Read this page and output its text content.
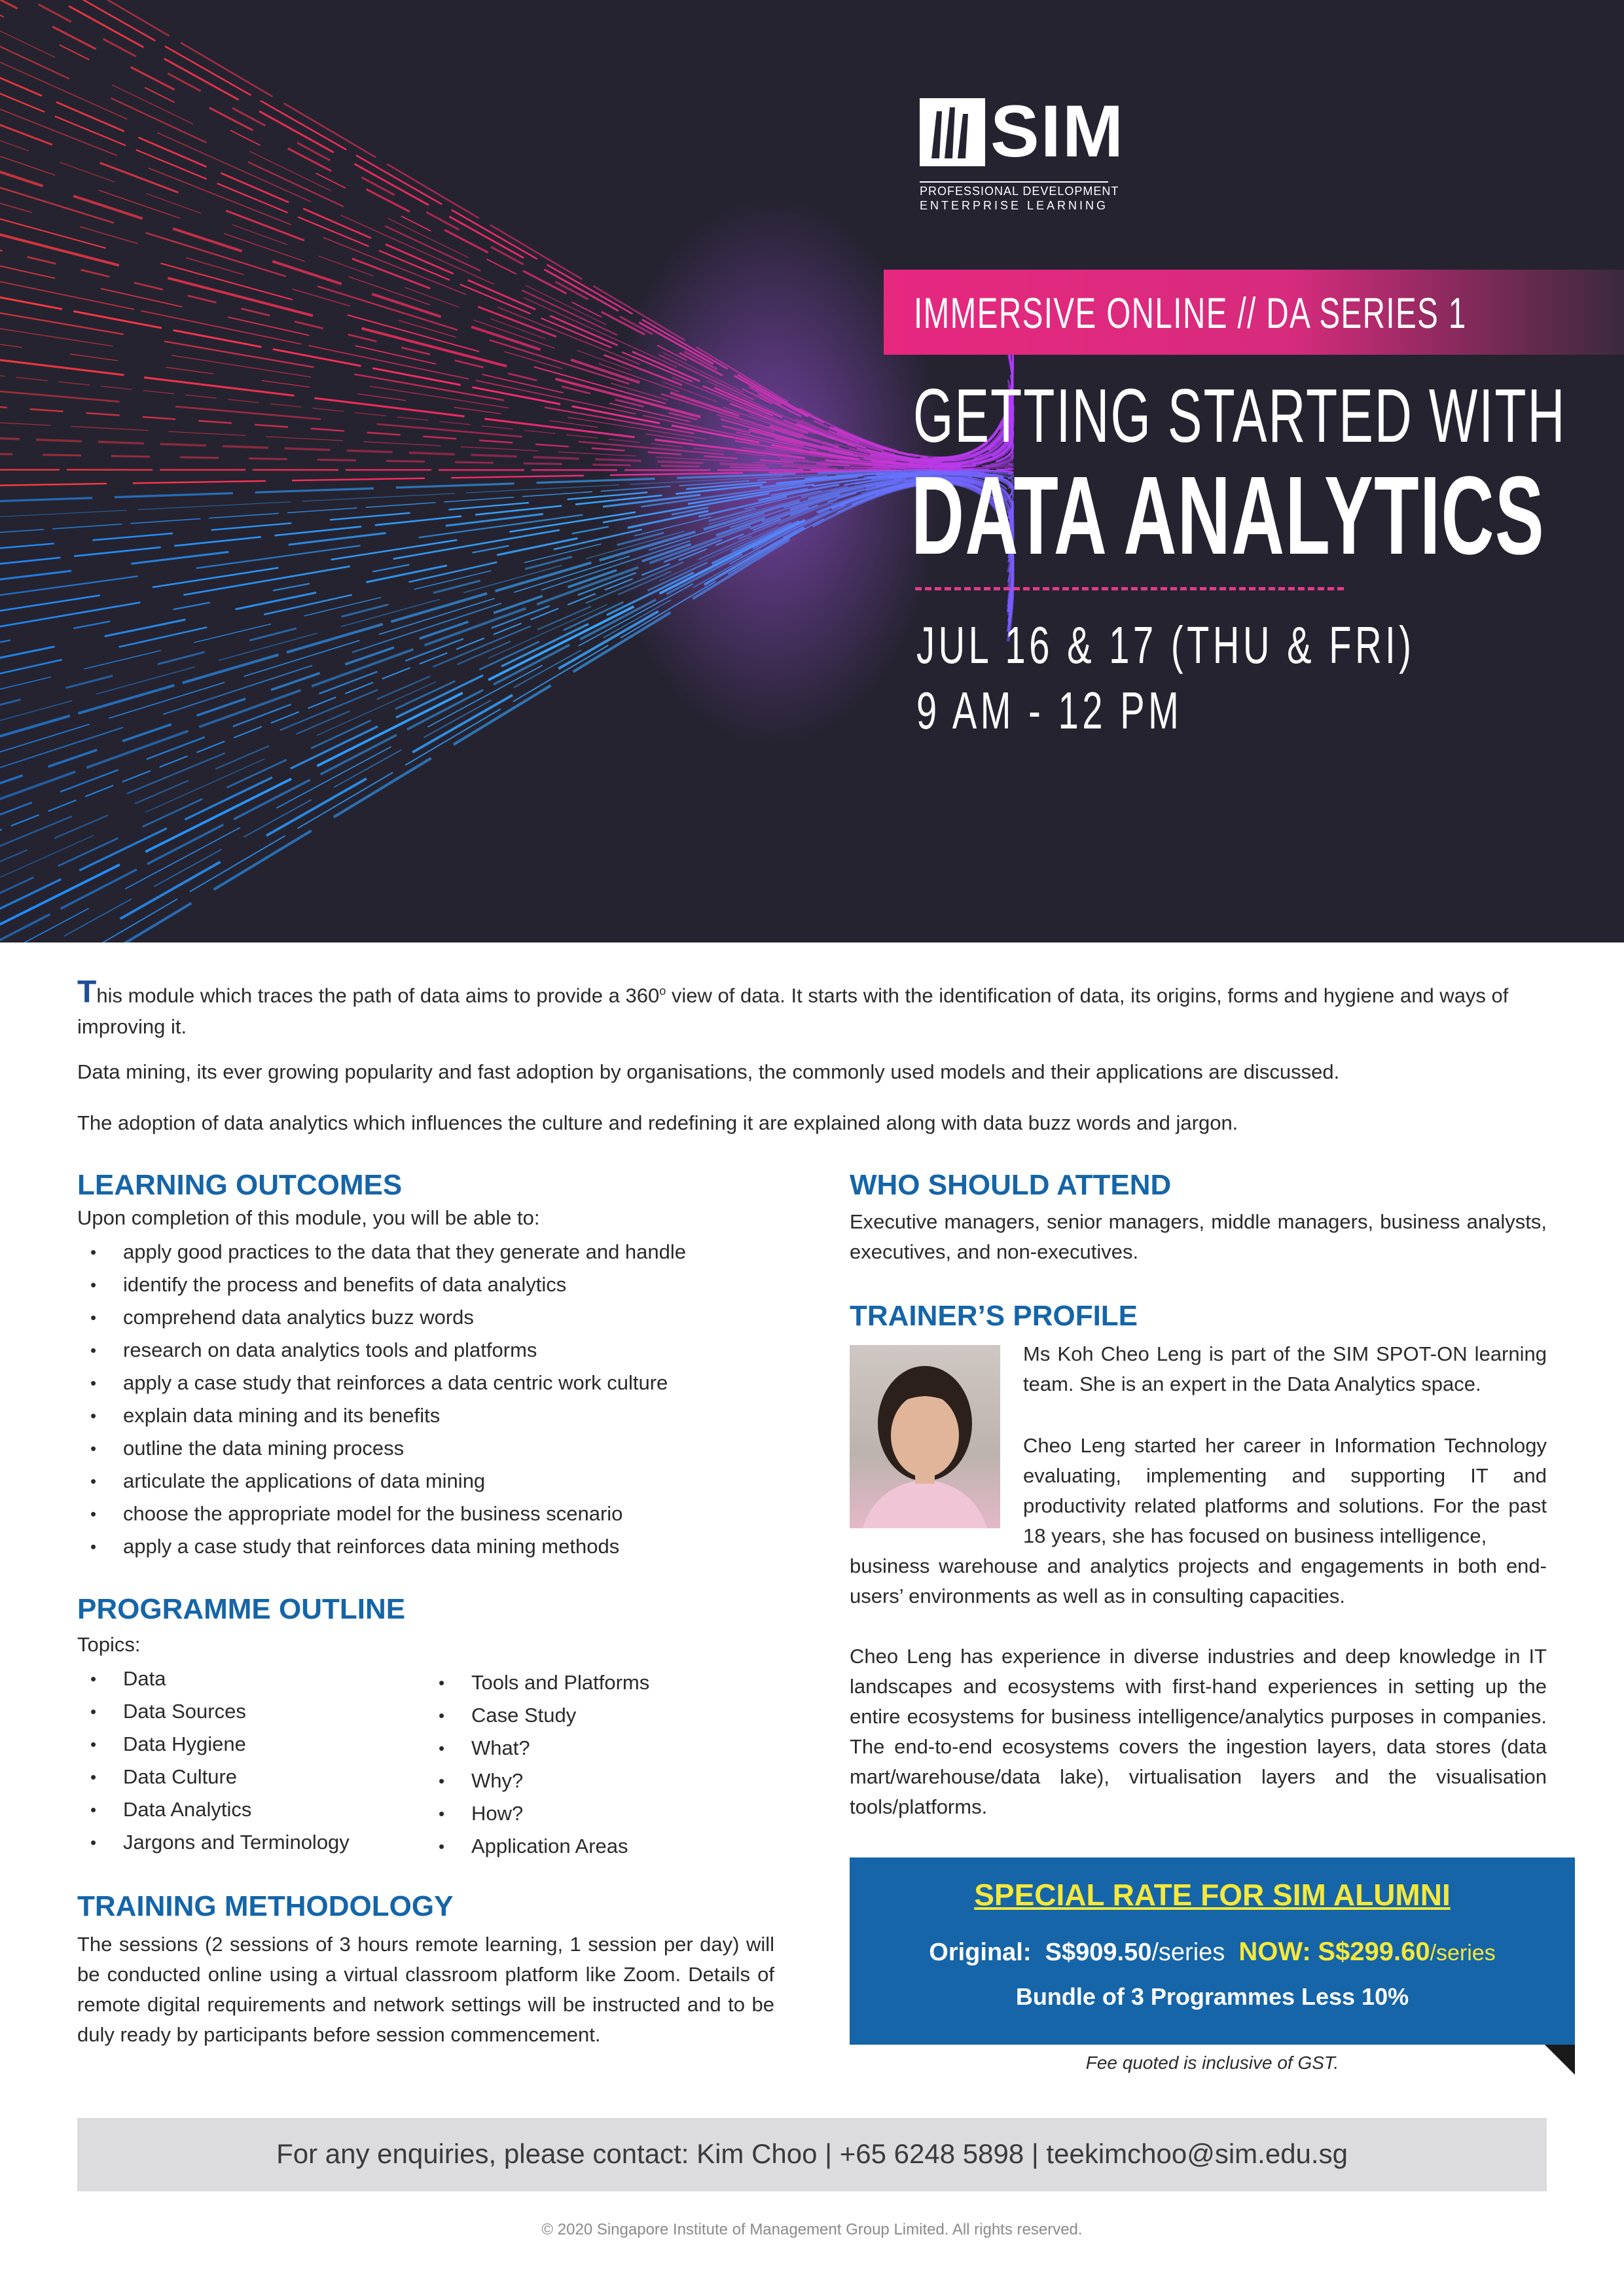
SIM
PROFESSIONAL DEVELOPMENT
ENTERPRISE LEARNING
IMMERSIVE ONLINE // DA SERIES 1
GETTING STARTED WITH
DATA ANALYTICS
JUL 16 & 17 (THU & FRI)
9 AM - 12 PM
This module which traces the path of data aims to provide a 360$^o$ view of data. It starts with the identification of data, its origins, forms and hygiene and ways of improving it.
Data mining, its ever growing popularity and fast adoption by organisations, the commonly used models and their applications are discussed.
The adoption of data analytics which influences the culture and redefining it are explained along with data buzz words and jargon.
LEARNING OUTCOMES
Upon completion of this module, you will be able to:
• apply good practices to the data that they generate and handle
• identify the process and benefits of data analytics
• comprehend data analytics buzz words
• research on data analytics tools and platforms
• apply a case study that reinforces a data centric work culture
• explain data mining and its benefits
• outline the data mining process
• articulate the applications of data mining
• choose the appropriate model for the business scenario
• apply a case study that reinforces data mining methods
PROGRAMME OUTLINE
Topics:
• Data
• Data Sources
• Data Hygiene
• Data Culture
• Data Analytics
• Jargons and Terminology
• Tools and Platforms
• Case Study
• What?
• Why?
• How?
• Application Areas
TRAINING METHODOLOGY
The sessions (2 sessions of 3 hours remote learning, 1 session per day) will be conducted online using a virtual classroom platform like Zoom. Details of remote digital requirements and network settings will be instructed and to be duly ready by participants before session commencement.
WHO SHOULD ATTEND
Executive managers, senior managers, middle managers, business analysts, executives, and non-executives.
TRAINER’S PROFILE
Ms Koh Cheo Leng is part of the SIM SPOT-ON learning team. She is an expert in the Data Analytics space.
Cheo Leng started her career in Information Technology evaluating, implementing and supporting IT and productivity related platforms and solutions. For the past 18 years, she has focused on business intelligence,
business warehouse and analytics projects and engagements in both end-users’ environments as well as in consulting capacities.
Cheo Leng has experience in diverse industries and deep knowledge in IT landscapes and ecosystems with first-hand experiences in setting up the entire ecosystems for business intelligence/analytics purposes in companies. The end-to-end ecosystems covers the ingestion layers, data stores (data mart/warehouse/data lake), virtualisation layers and the visualisation tools/platforms.
SPECIAL RATE FOR SIM ALUMNI
Original: S$909.50/series NOW: S$299.60/series
Bundle of 3 Programmes Less 10%
Fee quoted is inclusive of GST.
For any enquiries, please contact: Kim Choo | +65 6248 5898 | teekimchoo@sim.edu.sg
© 2020 Singapore Institute of Management Group Limited. All rights reserved.
